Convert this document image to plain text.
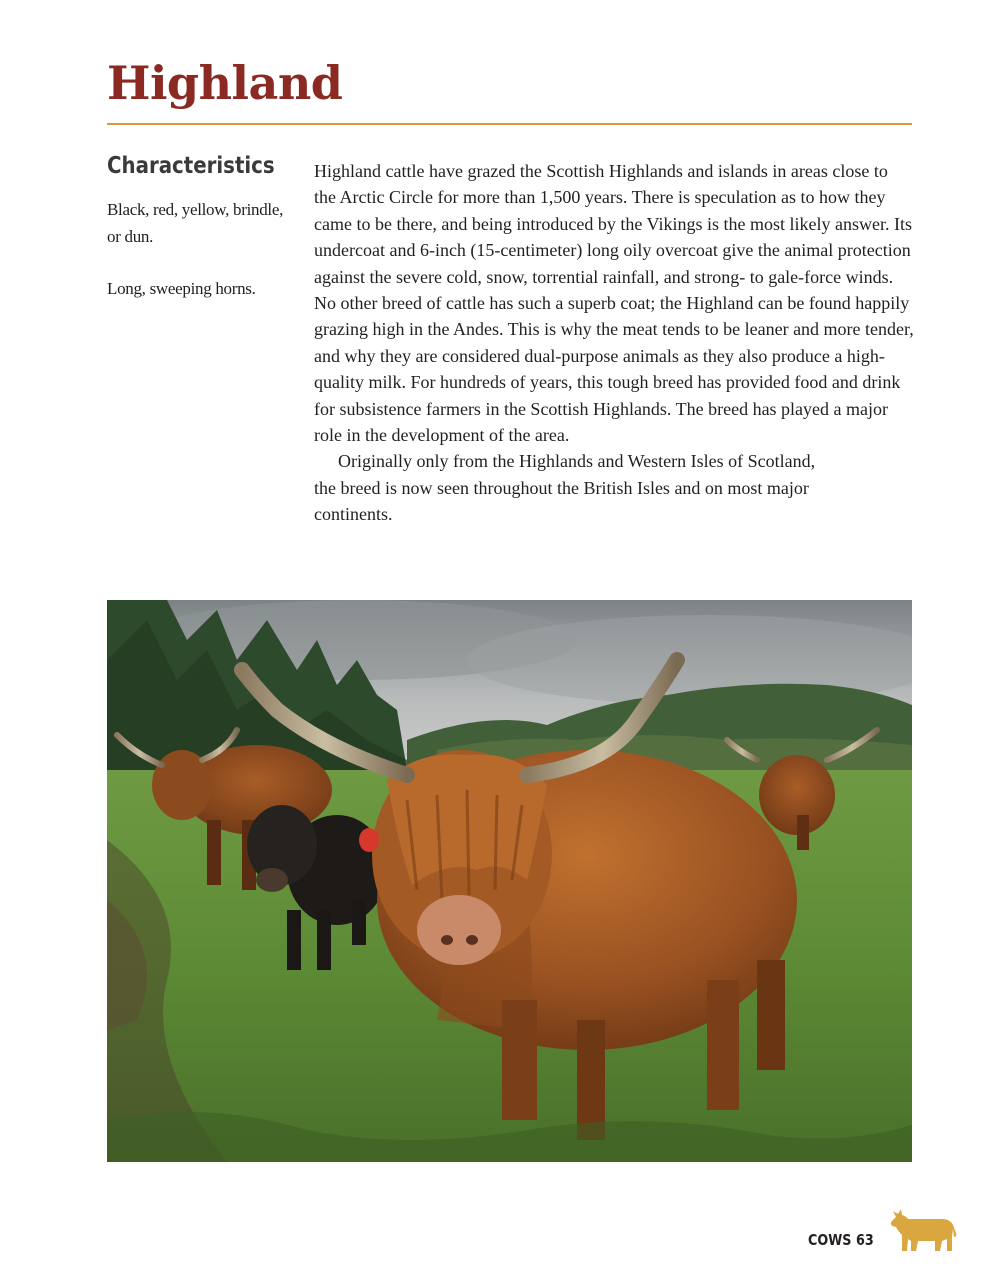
Highland
Characteristics

Black, red, yellow, brindle, or dun.

Long, sweeping horns.

Highland cattle have grazed the Scottish Highlands and islands in areas close to the Arctic Circle for more than 1,500 years. There is speculation as to how they came to be there, and being introduced by the Vikings is the most likely answer. Its undercoat and 6-inch (15-centimeter) long oily overcoat give the animal protection against the severe cold, snow, torrential rainfall, and strong- to gale-force winds. No other breed of cattle has such a superb coat; the Highland can be found happily grazing high in the Andes. This is why the meat tends to be leaner and more tender, and why they are considered dual-purpose animals as they also produce a high-quality milk. For hundreds of years, this tough breed has provided food and drink for subsistence farmers in the Scottish Highlands. The breed has played a major role in the development of the area.

Originally only from the Highlands and Western Isles of Scotland, the breed is now seen throughout the British Isles and on most major continents.

COWS 63
